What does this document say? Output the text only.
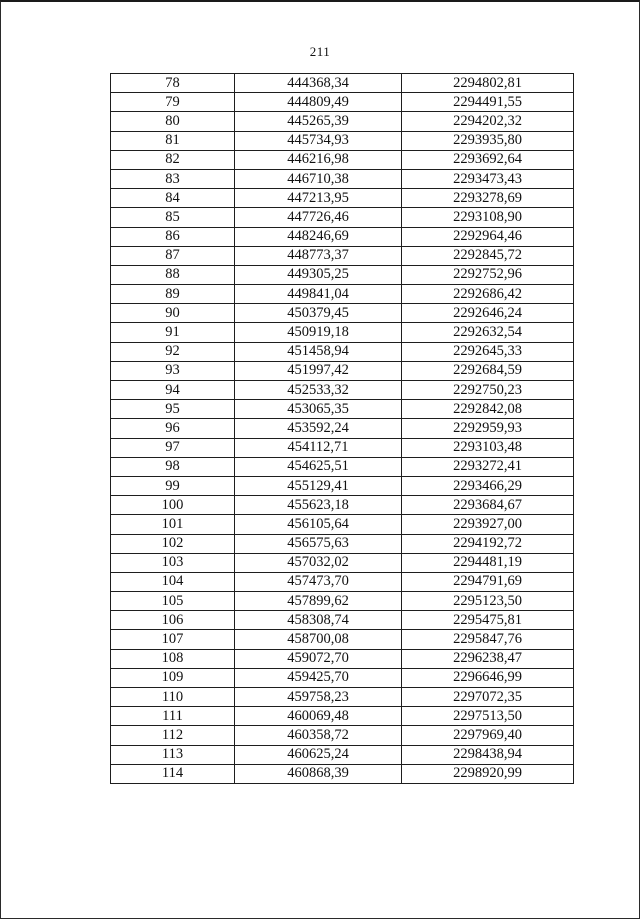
211
78	444368,34	2294802,81
79	444809,49	2294491,55
80	445265,39	2294202,32
81	445734,93	2293935,80
82	446216,98	2293692,64
83	446710,38	2293473,43
84	447213,95	2293278,69
85	447726,46	2293108,90
86	448246,69	2292964,46
87	448773,37	2292845,72
88	449305,25	2292752,96
89	449841,04	2292686,42
90	450379,45	2292646,24
91	450919,18	2292632,54
92	451458,94	2292645,33
93	451997,42	2292684,59
94	452533,32	2292750,23
95	453065,35	2292842,08
96	453592,24	2292959,93
97	454112,71	2293103,48
98	454625,51	2293272,41
99	455129,41	2293466,29
100	455623,18	2293684,67
101	456105,64	2293927,00
102	456575,63	2294192,72
103	457032,02	2294481,19
104	457473,70	2294791,69
105	457899,62	2295123,50
106	458308,74	2295475,81
107	458700,08	2295847,76
108	459072,70	2296238,47
109	459425,70	2296646,99
110	459758,23	2297072,35
111	460069,48	2297513,50
112	460358,72	2297969,40
113	460625,24	2298438,94
114	460868,39	2298920,99
